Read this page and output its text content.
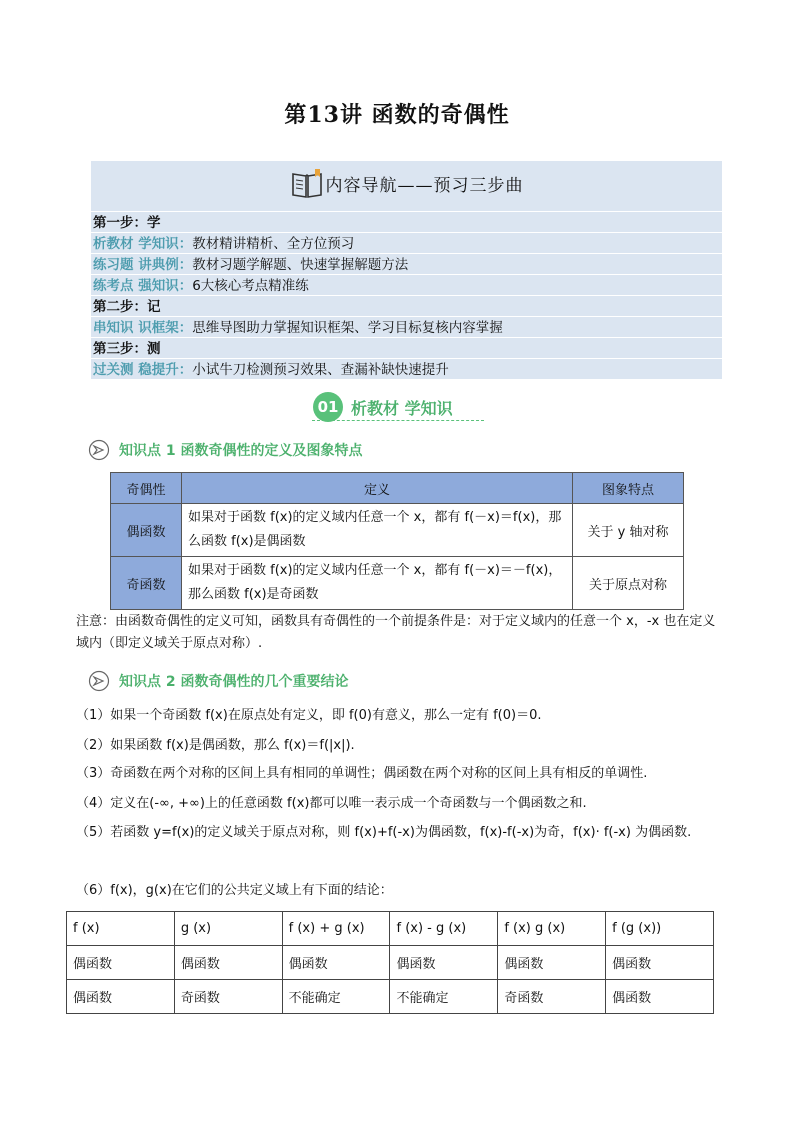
第13讲 函数的奇偶性
内容导航——预习三步曲
第一步：学
析教材 学知识：教材精讲精析、全方位预习
练习题 讲典例：教材习题学解题、快速掌握解题方法
练考点 强知识：6大核心考点精准练
第二步：记
串知识 识框架：思维导图助力掌握知识框架、学习目标复核内容掌握
第三步：测
过关测 稳提升：小试牛刀检测预习效果、查漏补缺快速提升
01 析教材 学知识
知识点 1 函数奇偶性的定义及图象特点
奇偶性	定义	图象特点
偶函数	如果对于函数 f(x)的定义域内任意一个 x，都有 f(－x)＝f(x)，那么函数 f(x)是偶函数	关于 y 轴对称
奇函数	如果对于函数 f(x)的定义域内任意一个 x，都有 f(－x)＝－f(x)，那么函数 f(x)是奇函数	关于原点对称
注意：由函数奇偶性的定义可知，函数具有奇偶性的一个前提条件是：对于定义域内的任意一个 x，-x 也在定义域内（即定义域关于原点对称）.
知识点 2 函数奇偶性的几个重要结论
（1）如果一个奇函数 f(x)在原点处有定义，即 f(0)有意义，那么一定有 f(0)＝0.
（2）如果函数 f(x)是偶函数，那么 f(x)＝f(|x|).
（3）奇函数在两个对称的区间上具有相同的单调性；偶函数在两个对称的区间上具有相反的单调性.
（4）定义在(-∞, +∞)上的任意函数 f(x)都可以唯一表示成一个奇函数与一个偶函数之和.
（5）若函数 y=f(x)的定义域关于原点对称，则 f(x)+f(-x)为偶函数，f(x)-f(-x)为奇，f(x)· f(-x) 为偶函数.
（6）f(x)，g(x)在它们的公共定义域上有下面的结论：
f (x)	g (x)	f (x) + g (x)	f (x) - g (x)	f (x) g (x)	f (g (x))
偶函数	偶函数	偶函数	偶函数	偶函数	偶函数
偶函数	奇函数	不能确定	不能确定	奇函数	偶函数
